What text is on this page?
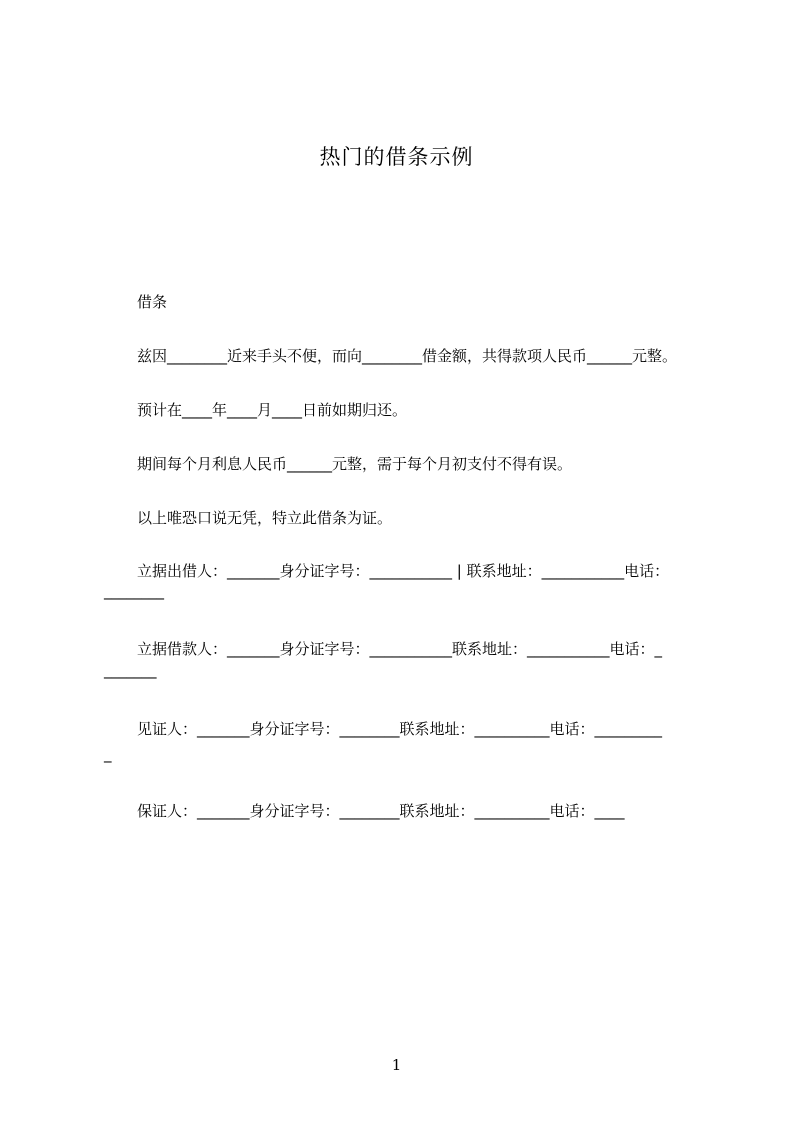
热门的借条示例
借条
兹因________近来手头不便，而向________借金额，共得款项人民币______元整。
预计在____年____月____日前如期归还。
期间每个月利息人民币______元整，需于每个月初支付不得有误。
以上唯恐口说无凭，特立此借条为证。
立据出借人：_______身分证字号：___________ | 联系地址：___________电话：
________
立据借款人：_______身分证字号：___________联系地址：___________电话：_
_______
见证人：_______身分证字号：________联系地址：__________电话：_________
_
保证人：_______身分证字号：________联系地址：__________电话：____
1
